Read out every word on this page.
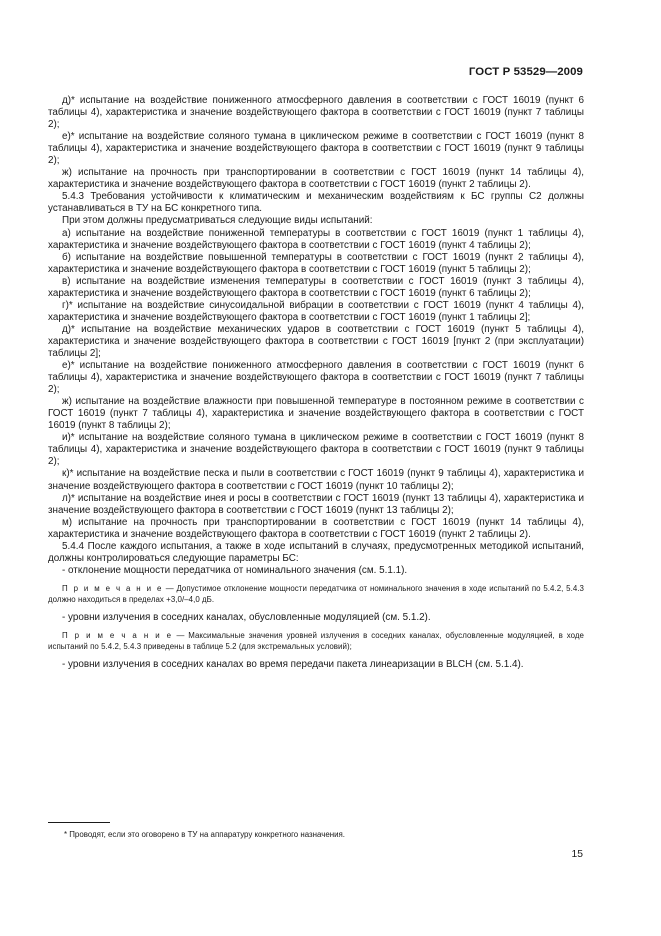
ГОСТ Р 53529—2009

д)* испытание на воздействие пониженного атмосферного давления в соответствии с ГОСТ 16019 (пункт 6 таблицы 4), характеристика и значение воздействующего фактора в соответствии с ГОСТ 16019 (пункт 7 таблицы 2);

е)* испытание на воздействие соляного тумана в циклическом режиме в соответствии с ГОСТ 16019 (пункт 8 таблицы 4), характеристика и значение воздействующего фактора в соответствии с ГОСТ 16019 (пункт 9 таблицы 2);

ж) испытание на прочность при транспортировании в соответствии с ГОСТ 16019 (пункт 14 таблицы 4), характеристика и значение воздействующего фактора в соответствии с ГОСТ 16019 (пункт 2 таблицы 2).

5.4.3 Требования устойчивости к климатическим и механическим воздействиям к БС группы С2 должны устанавливаться в ТУ на БС конкретного типа.

При этом должны предусматриваться следующие виды испытаний:

а) испытание на воздействие пониженной температуры в соответствии с ГОСТ 16019 (пункт 1 таблицы 4), характеристика и значение воздействующего фактора в соответствии с ГОСТ 16019 (пункт 4 таблицы 2);

б) испытание на воздействие повышенной температуры в соответствии с ГОСТ 16019 (пункт 2 таблицы 4), характеристика и значение воздействующего фактора в соответствии с ГОСТ 16019 (пункт 5 таблицы 2);

в) испытание на воздействие изменения температуры в соответствии с ГОСТ 16019 (пункт 3 таблицы 4), характеристика и значение воздействующего фактора в соответствии с ГОСТ 16019 (пункт 6 таблицы 2);

г)* испытание на воздействие синусоидальной вибрации в соответствии с ГОСТ 16019 (пункт 4 таблицы 4), характеристика и значение воздействующего фактора в соответствии с ГОСТ 16019 (пункт 1 таблицы 2];

д)* испытание на воздействие механических ударов в соответствии с ГОСТ 16019 (пункт 5 таблицы 4), характеристика и значение воздействующего фактора в соответствии с ГОСТ 16019 [пункт 2 (при эксплуатации) таблицы 2];

е)* испытание на воздействие пониженного атмосферного давления в соответствии с ГОСТ 16019 (пункт 6 таблицы 4), характеристика и значение воздействующего фактора в соответствии с ГОСТ 16019 (пункт 7 таблицы 2);

ж) испытание на воздействие влажности при повышенной температуре в постоянном режиме в соответствии с ГОСТ 16019 (пункт 7 таблицы 4), характеристика и значение воздействующего фактора в соответствии с ГОСТ 16019 (пункт 8 таблицы 2);

и)* испытание на воздействие соляного тумана в циклическом режиме в соответствии с ГОСТ 16019 (пункт 8 таблицы 4), характеристика и значение воздействующего фактора в соответствии с ГОСТ 16019 (пункт 9 таблицы 2);

к)* испытание на воздействие песка и пыли в соответствии с ГОСТ 16019 (пункт 9 таблицы 4), характеристика и значение воздействующего фактора в соответствии с ГОСТ 16019 (пункт 10 таблицы 2);

л)* испытание на воздействие инея и росы в соответствии с ГОСТ 16019 (пункт 13 таблицы 4), характеристика и значение воздействующего фактора в соответствии с ГОСТ 16019 (пункт 13 таблицы 2);

м) испытание на прочность при транспортировании в соответствии с ГОСТ 16019 (пункт 14 таблицы 4), характеристика и значение воздействующего фактора в соответствии с ГОСТ 16019 (пункт 2 таблицы 2).

5.4.4 После каждого испытания, а также в ходе испытаний в случаях, предусмотренных методикой испытаний, должны контролироваться следующие параметры БС:

- отклонение мощности передатчика от номинального значения (см. 5.1.1).

П р и м е ч а н и е — Допустимое отклонение мощности передатчика от номинального значения в ходе испытаний по 5.4.2, 5.4.3 должно находиться в пределах +3,0/–4,0 дБ.

- уровни излучения в соседних каналах, обусловленные модуляцией (см. 5.1.2).

П р и м е ч а н и е — Максимальные значения уровней излучения в соседних каналах, обусловленные модуляцией, в ходе испытаний по 5.4.2, 5.4.3 приведены в таблице 5.2 (для экстремальных условий);

- уровни излучения в соседних каналах во время передачи пакета линеаризации в BLCH (см. 5.1.4).

* Проводят, если это оговорено в ТУ на аппаратуру конкретного назначения.
15
